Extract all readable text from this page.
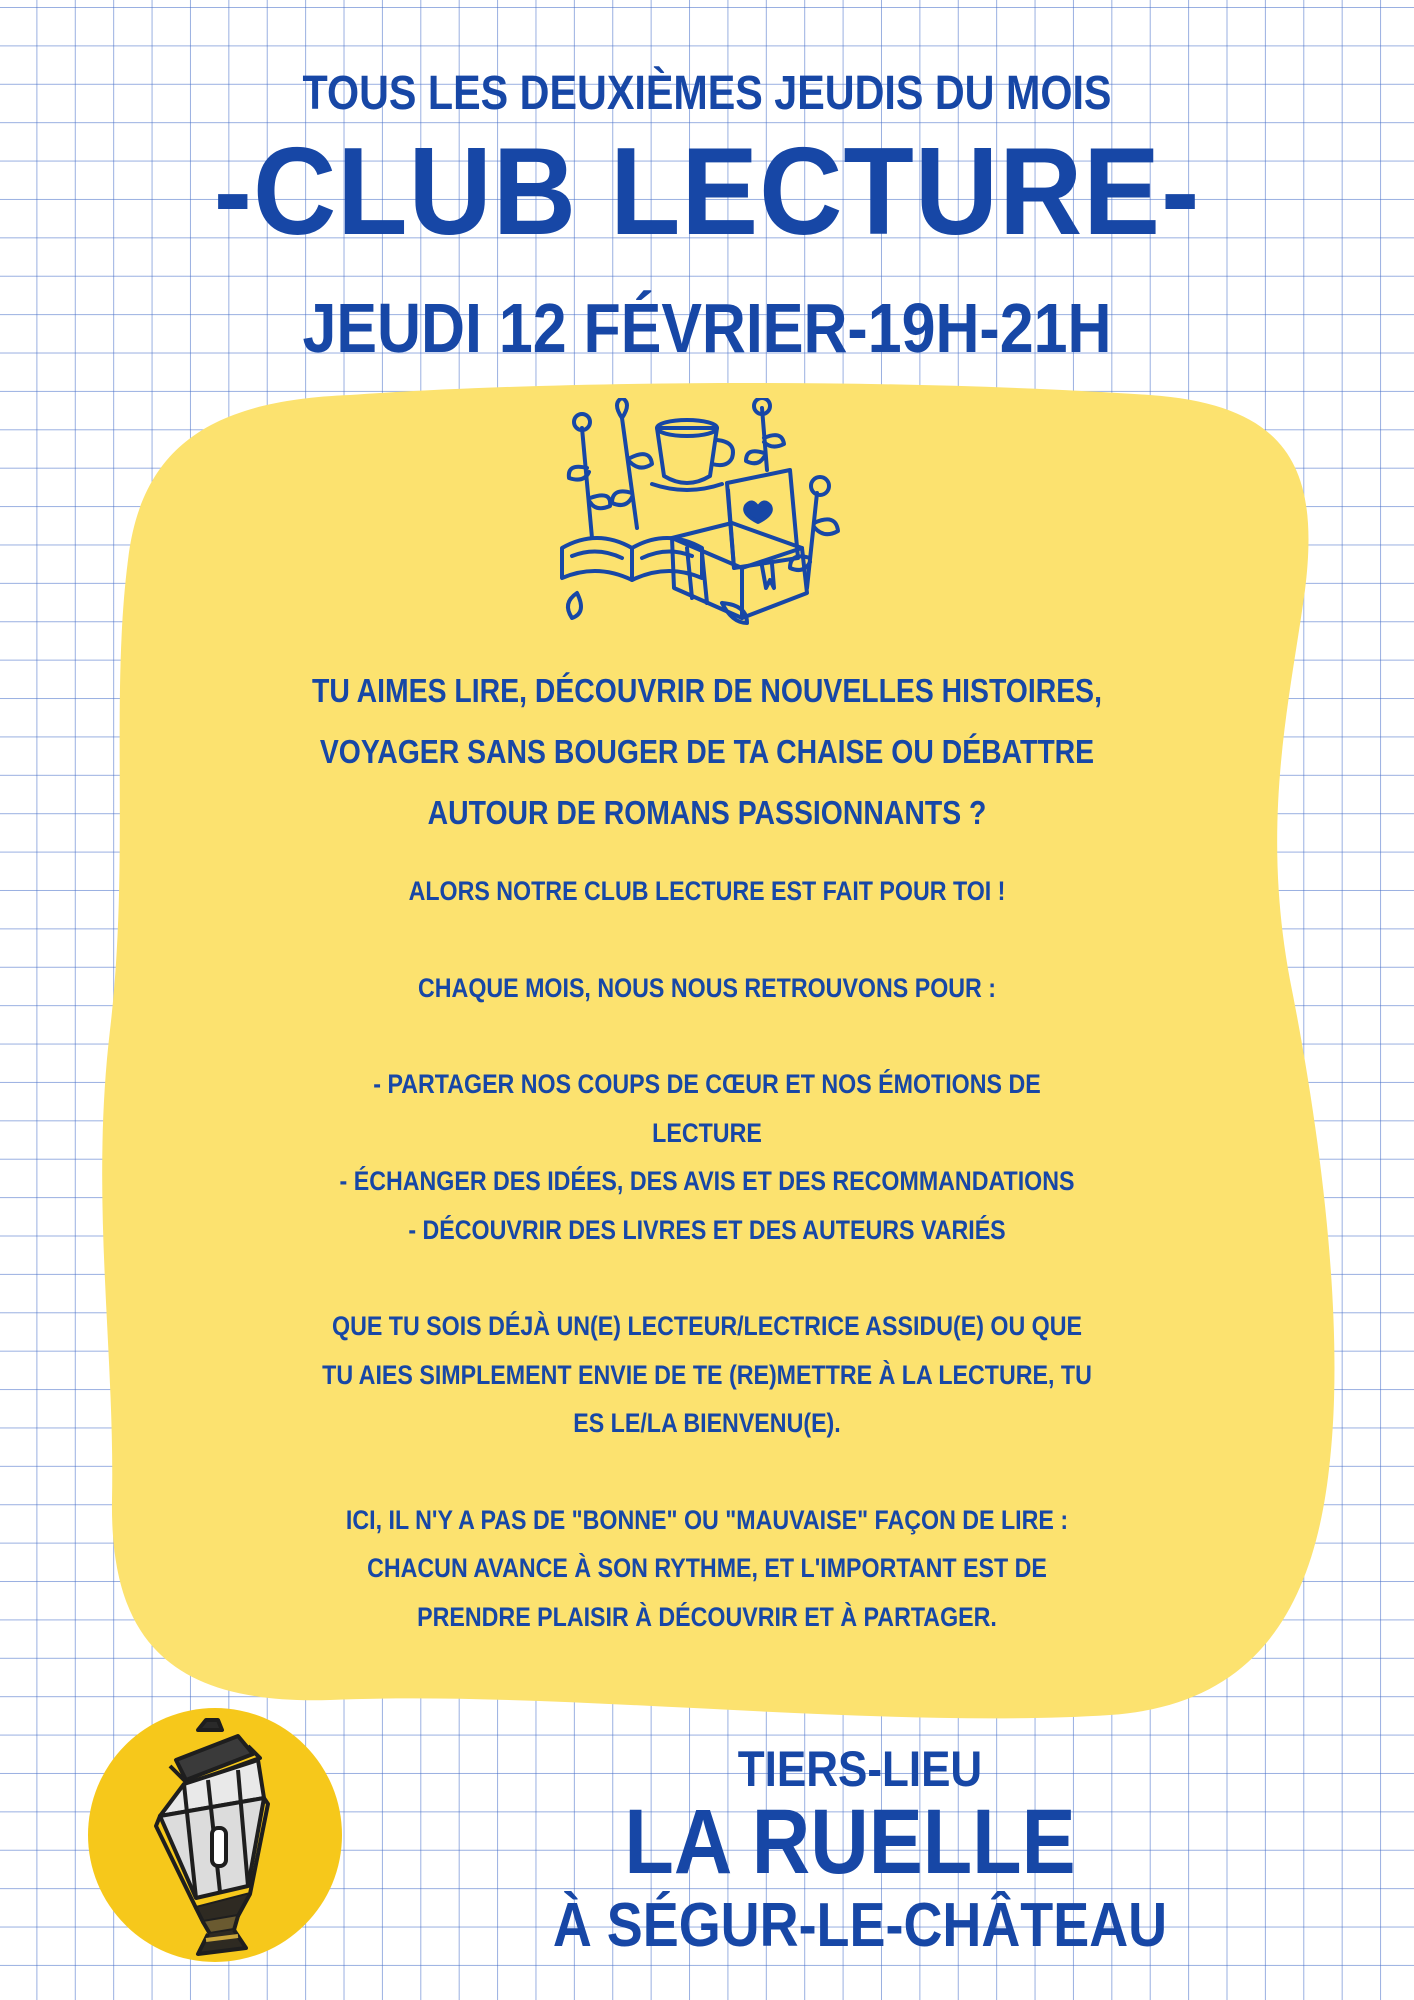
TOUS LES DEUXIÈMES JEUDIS DU MOIS
-CLUB LECTURE-
JEUDI 12 FÉVRIER-19H-21H

TU AIMES LIRE, DÉCOUVRIR DE NOUVELLES HISTOIRES,

VOYAGER SANS BOUGER DE TA CHAISE OU DÉBATTRE

AUTOUR DE ROMANS PASSIONNANTS ?

ALORS NOTRE CLUB LECTURE EST FAIT POUR TOI !

CHAQUE MOIS, NOUS NOUS RETROUVONS POUR :

- PARTAGER NOS COUPS DE CŒUR ET NOS ÉMOTIONS DE

LECTURE

- ÉCHANGER DES IDÉES, DES AVIS ET DES RECOMMANDATIONS

- DÉCOUVRIR DES LIVRES ET DES AUTEURS VARIÉS

QUE TU SOIS DÉJÀ UN(E) LECTEUR/LECTRICE ASSIDU(E) OU QUE

TU AIES SIMPLEMENT ENVIE DE TE (RE)METTRE À LA LECTURE, TU

ES LE/LA BIENVENU(E).

ICI, IL N'Y A PAS DE "BONNE" OU "MAUVAISE" FAÇON DE LIRE :

CHACUN AVANCE À SON RYTHME, ET L'IMPORTANT EST DE

PRENDRE PLAISIR À DÉCOUVRIR ET À PARTAGER.

TIERS-LIEU
LA RUELLE
À SÉGUR-LE-CHÂTEAU
